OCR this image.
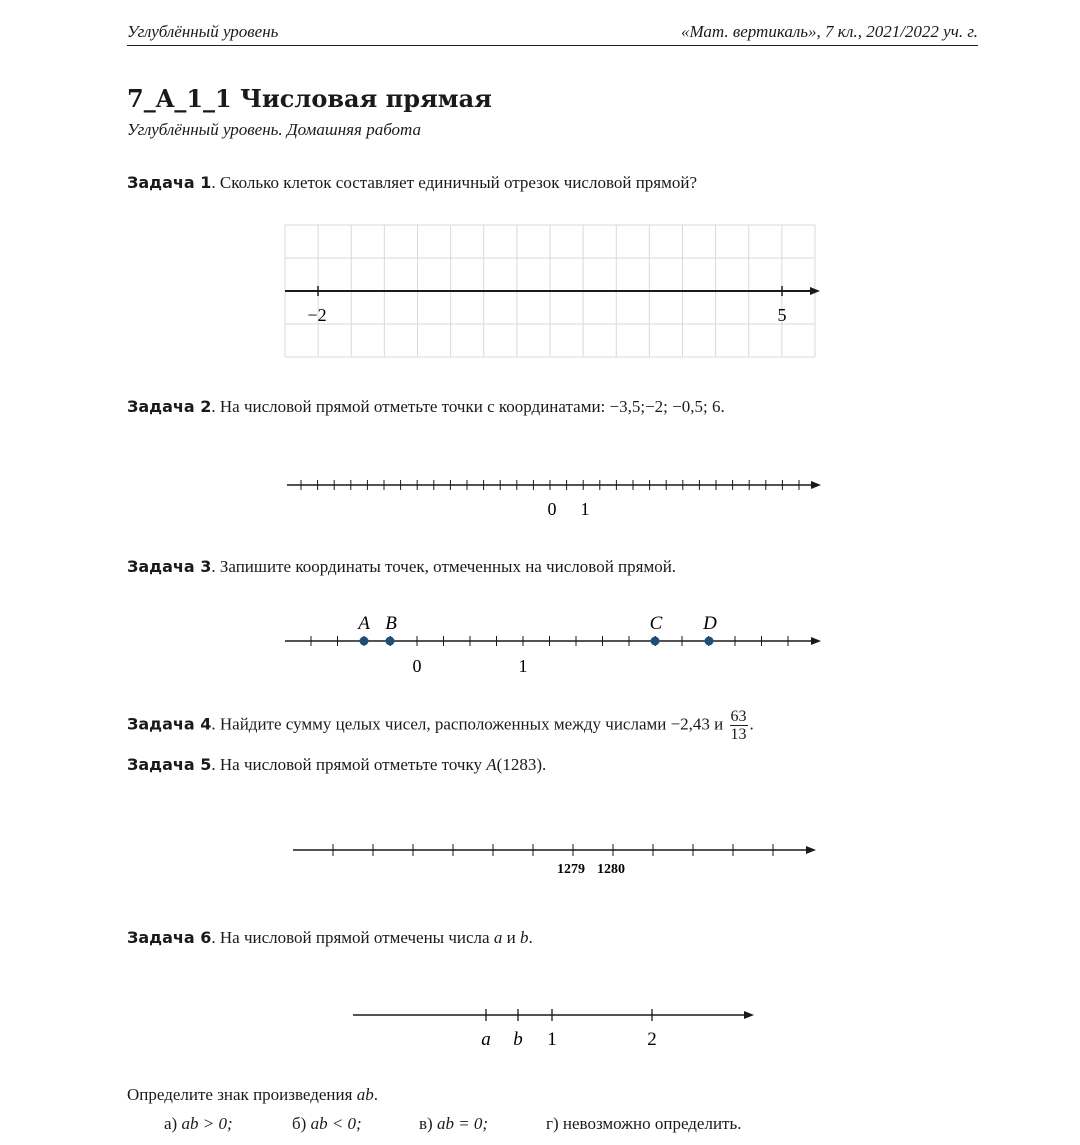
Углублённый уровень	«Мат. вертикаль», 7 кл., 2021/2022 уч. г.
7_A_1_1 Числовая прямая
Углублённый уровень. Домашняя работа
Задача 1. Сколько клеток составляет единичный отрезок числовой прямой?
−2	5
Задача 2. На числовой прямой отметьте точки с координатами: −3,5;−2; −0,5; 6.
0 1
Задача 3. Запишите координаты точек, отмеченных на числовой прямой.
A B	C D
0	1
Задача 4. Найдите сумму целых чисел, расположенных между числами −2,43 и $\frac{63}{13}$ .
Задача 5. На числовой прямой отметьте точку A(1283).
1279 1280
Задача 6. На числовой прямой отмечены числа a и b.
a b 1	2
Определите знак произведения ab.
а) ab > 0;	б) ab < 0;	в) ab = 0;	г) невозможно определить.
